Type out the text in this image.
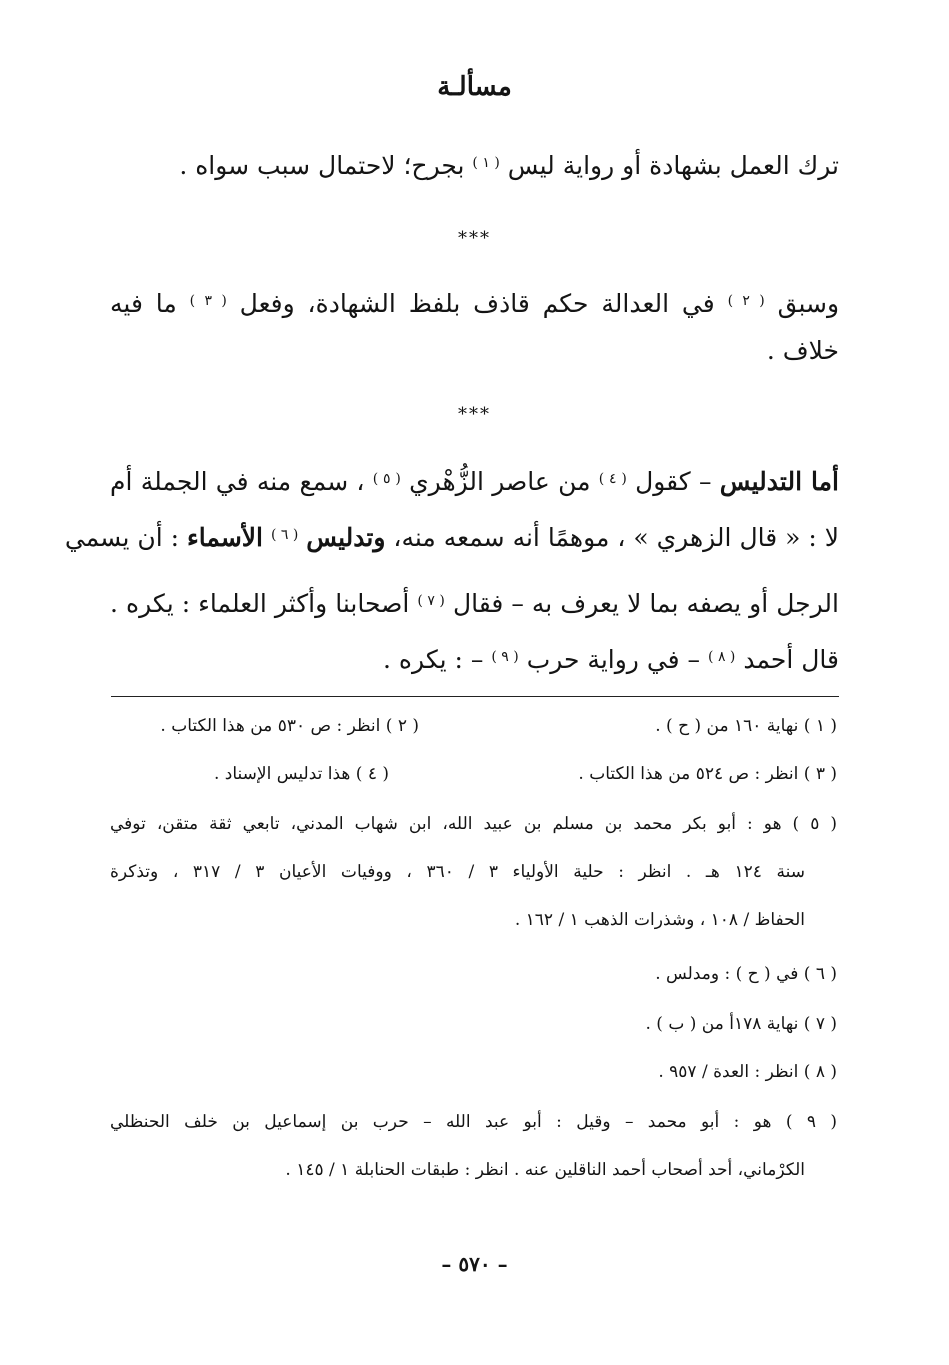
مسألـة
ترك العمل بشهادة أو رواية ليس $^{( ١ )}$ بجرح؛ لاحتمال سبب سواه .
***
وسبق $^{( ٢ )}$ في العدالة حكم قاذف بلفظ الشهادة، وفعل $^{( ٣ )}$ ما فيه
خلاف .
***
أما التدليس – كقول $^{( ٤ )}$ من عاصر الزُّهْري $^{( ٥ )}$ ، سمع منه في الجملة أم
لا : « قال الزهري » ، موهمًا أنه سمعه منه، وتدليس $^{( ٦ )}$ الأسماء : أن يسمي
الرجل أو يصفه بما لا يعرف به – فقال $^{( ٧ )}$ أصحابنا وأكثر العلماء : يكره .
قال أحمد $^{( ٨ )}$ – في رواية حرب $^{( ٩ )}$ – : يكره .
( ١ ) نهاية ١٦٠ من ( ح ) .
( ٢ ) انظر : ص ٥٣٠ من هذا الكتاب .
( ٣ ) انظر : ص ٥٢٤ من هذا الكتاب .
( ٤ ) هذا تدليس الإسناد .
( ٥ ) هو : أبو بكر محمد بن مسلم بن عبيد الله، ابن شهاب المدني، تابعي ثقة متقن، توفي
سنة ١٢٤ هـ . انظر : حلية الأولياء ٣ / ٣٦٠ ، ووفيات الأعيان ٣ / ٣١٧ ، وتذكرة
الحفاظ / ١٠٨ ، وشذرات الذهب ١ / ١٦٢ .
( ٦ ) في ( ح ) : ومدلس .
( ٧ ) نهاية ١٧٨أ من ( ب ) .
( ٨ ) انظر : العدة / ٩٥٧ .
( ٩ ) هو : أبو محمد – وقيل : أبو عبد الله – حرب بن إسماعيل بن خلف الحنظلي
الكرْماني، أحد أصحاب أحمد الناقلين عنه . انظر : طبقات الحنابلة ١ / ١٤٥ .
– ٥٧٠ –
